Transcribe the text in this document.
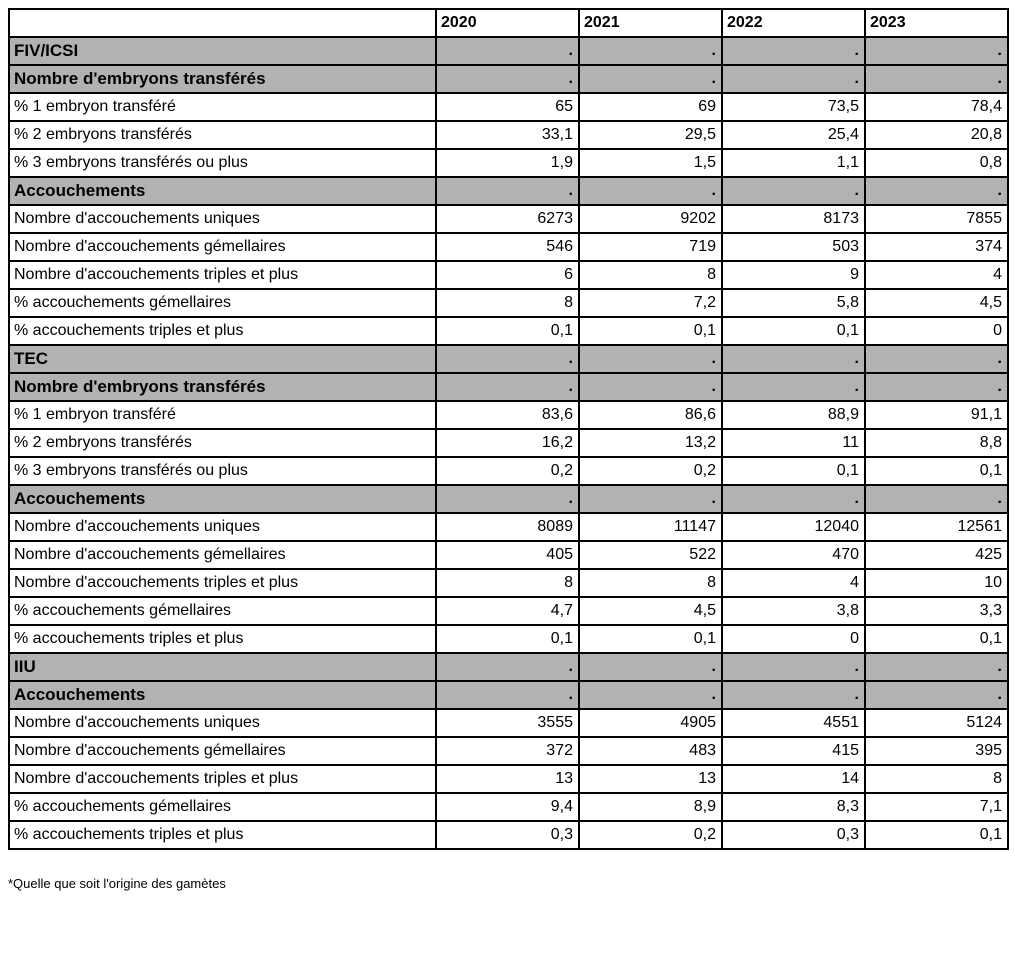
	2020	2021	2022	2023
FIV/ICSI	.	.	.	.
Nombre d'embryons transférés	.	.	.	.
% 1 embryon transféré	65	69	73,5	78,4
% 2 embryons transférés	33,1	29,5	25,4	20,8
% 3 embryons transférés ou plus	1,9	1,5	1,1	0,8
Accouchements	.	.	.	.
Nombre d'accouchements uniques	6273	9202	8173	7855
Nombre d'accouchements gémellaires	546	719	503	374
Nombre d'accouchements triples et plus	6	8	9	4
% accouchements gémellaires	8	7,2	5,8	4,5
% accouchements triples et plus	0,1	0,1	0,1	0
TEC	.	.	.	.
Nombre d'embryons transférés	.	.	.	.
% 1 embryon transféré	83,6	86,6	88,9	91,1
% 2 embryons transférés	16,2	13,2	11	8,8
% 3 embryons transférés ou plus	0,2	0,2	0,1	0,1
Accouchements	.	.	.	.
Nombre d'accouchements uniques	8089	11147	12040	12561
Nombre d'accouchements gémellaires	405	522	470	425
Nombre d'accouchements triples et plus	8	8	4	10
% accouchements gémellaires	4,7	4,5	3,8	3,3
% accouchements triples et plus	0,1	0,1	0	0,1
IIU	.	.	.	.
Accouchements	.	.	.	.
Nombre d'accouchements uniques	3555	4905	4551	5124
Nombre d'accouchements gémellaires	372	483	415	395
Nombre d'accouchements triples et plus	13	13	14	8
% accouchements gémellaires	9,4	8,9	8,3	7,1
% accouchements triples et plus	0,3	0,2	0,3	0,1
*Quelle que soit l'origine des gamètes
